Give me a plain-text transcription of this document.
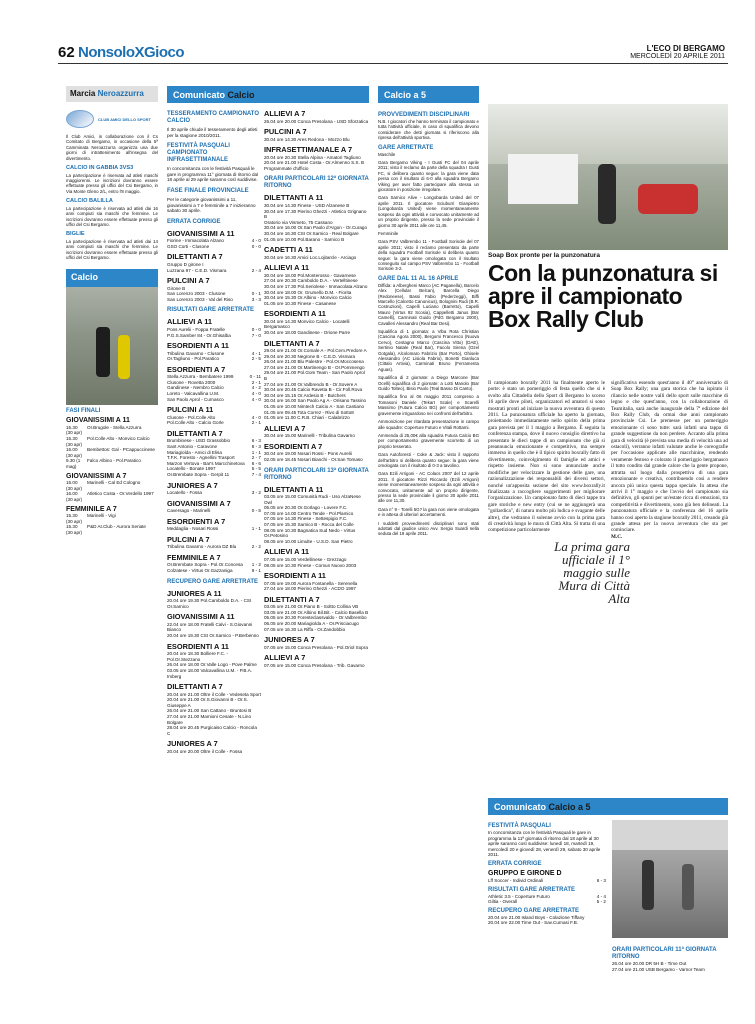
62 NonsoloXGioco	L'ECO DI BERGAMO
MERCOLEDÌ 20 APRILE 2011
Marcia
Neroazzurra
CLUB AMICI DELLO SPORT
Il Club Amici, in collaborazione con il Cs Comitato di Bergamo, in occasione della 5ª Camminata Neroazzurra organizza una due giorni di intrattenimento all'insegna del divertimento.
CALCIO IN GABBIA 3VS3
La partecipazione è riservata ad atleti maschi maggiorenni. Le iscrizioni dovranno essere effettuate presso gli uffici del Csi Bergamo, in Via Monte Gleno 2/L, entro l'8 maggio.
CALCIO BALILLA
La partecipazione è riservata ad atleti dai 16 anni compiuti sia maschi che femmine. Le iscrizioni dovranno essere effettuate presso gli uffici del Csi Bergamo.
BIGLIE
La partecipazione è riservata ad atleti dai 14 anni compiuti sia maschi che femmine. Le iscrizioni dovranno essere effettuate presso gli uffici del Csi Bergamo.
Calcio
FASI FINALI
GIOVANISSIMI A 11
15.30 (30 apr)
Or.Brugole - Stella Azzurra
15.30 (30 apr)
Pol.Colle Alto - Monvico Calcio
16.00 (30 apr)
Bembettos: Gal - PCappuccinese
9.30 (1 mag)
Falco Albino - Pol.Paratico
GIOVANISSIMI A 7
15.00 (30 apr)
Marinelli - Cal Ed Cologno
16.00 (30 apr)
Atletico Costa - Or.Verdello 1997
FEMMINILE A 7
15.30 (30 apr)
Marinelli - Vigi
15.30 (30 apr)
P&D At.Club - Aurora Seriate
Comunicato
Calcio
TESSERAMENTO CAMPIONATO CALCIO
Il 30 aprile chiude il tesseramento degli atleti per la stagione 2010/2011.
FESTIVITÀ PASQUALI CAMPIONATO INFRASETTIMANALE
In concomitanza con le festività Pasquali le gare in programma 11° giornata di ritorno dal 18 aprile al 29 aprile saranno così suddivise.
FASE FINALE PROVINCIALE
Per le categorie giovanissimi a 11, giovanissimi a 7 e femminile a 7 inizieranno sabato 30 aprile.
ERRATA CORRIGE
GIOVANISSIMI A 11
Fiorine - Immacolata Alzano	4 - 0
GSO Corti - Clusone	0 - 0
DILETTANTI A 7
Gruppo D girone I
Luzzana 97 - C.E.D. Vismara	2 - 4
PULCINI A 7
Girone B
San Lorenzo 2003 - Clusone	0 - 1
San Lorenzo 2003 - Val del Riso	3 - 3
RISULTATI GARE ARRETRATE
ALLIEVI A 11
Pons Aurelii - Foppa Fratelle	0 - 0
P.G.S.Samber 84 - Or.Ghisalba	7 - 0
ESORDIENTI A 11
Tribulina Gavarno - Clusone	4 - 1
Or.Tagliuno - Pol.Paratico	2 - 5
ESORDIENTI A 7
Stella Azzurra - Bembatere 1999	0 - 11
Clusone - Rovetta 2000	2 - 1
Gandinese - Nembro Calcio	4 - 2
Loreto - Valcavallina U.M.	4 - 0
San Paolo Aprol - Curnasco	4 - 0
PULCINI A 11
Clusone - Pol.Colle Alto	4 - 0
Pol.Colle Alto - Calcio Gorle	2 - 1
DILETTANTI A 7
Brumbinese - USD Grassobbio	6 - 3
Sant Antonio - Caravone	8 - 3
Mariagiolda - Amici di Elisa	1 - 1
T.F.K. Foresto - Agnellini Trasport	2 - 7
Marzon Vertova - Bar's Marcchinetova 6 - 6
Locatello - Bonate 1997	5 - 5
Or.Brembate Sopra - Gerpit 11	7 - 4
JUNIORES A 7
Locatello - Fossa	3 - 2
GIOVANISSIMI A 7
Caversago - Marinelli	0 - 5
ESORDIENTI A 7
Meddaglia - Nosari Rossi	1 - 1
PULCINI A 7
Tribulina Gavarno - Aurora DZ Blu	2 - 2
FEMMINILE A 7
Or.Brembate Sopra - Pol.Or.Concesa 1 - 2
Colzatese - Virtus Or.Gazzaniga	9 - 1
RECUPERO GARE ARRETRATE
JUNIORES A 11
20.04 ore 19.30 Pol.Camboldo D.A. - CSI Or.Sarnico
GIOVANISSIMI A 11
22.04 ore 18.00 Fratelli Calvi - S.Giovanni Bianco
20.04 ore 19.30 CSI Or.Sarnico - P.Berbenno
ESORDIENTI A 11
20.04 ore 18.30 Bolliere F.C. - Pol.Or.Stezzano
26.04 ore 18.00 Or.Valle Logo - Pove Palme
03.05 ore 18.00 Valcavallina U.M. - P.B.A. Imberg
DILETTANTI A 7
20.04 ore 21.00 Oltre il Colle - Vedeseta Sport
20.04 ore 21.00 Or.S.Giovanni B - Or.S. Giuseppe A
26.04 ore 21.00 San Cattano - Bruntosi B
27.04 ore 21.00 Mamioni Cesate - N.Lino Bolgare
28.04 ore 20.45 Purgicaiso Calcio - Roncola C
JUNIORES A 7
20.04 ore 20.00 Oltre il Colle - Fossa
ALLIEVI A 7
26.04 ore 20.00 Conca Presolana - USD Sforzatica
PULCINI A 7
30.04 ore 14.30 Ares Redona - Mozzo Blu
INFRASETTIMANALE A 7
20.04 ore 20.30 Stella Alpina - Amatori Tagliuno
20.04 ore 21.00 Hotel Costa - Or.Almenno S.S. B
Programmate d'ufficio
ORARI PARTICOLARI 12ª GIORNATA RITORNO
DILETTANTI A 11
30.04 ore 14.30 Finese - USD Alzanese B
30.04 ore 17.30 Pierino Ghezzi - Atletico Grignano B
Oratorio via Vismeto, 75 Cassano
30.04 ore 16.00 Or.San Paolo d'Argon - Or.Curago
30.04 ore 16.30 CSI Or.Sarnico - Real Bolgare
01.05 ore 10.00 Pol.Barano - Sarnico B
CADETTI A 11
30.04 ore 16.30 Amici Loc.Lojitarcle - Arciago
ALLIEVI A 11
30.04 ore 18.00 Pol.Monterosso - Gavarnese
27.04 ore 20.30 Camboldo D.A. - Vertelltinese
30.04 ore 17.30 Pol.Seriolese - Immacolata Alzano
30.04 ore 18.00 Or. Grumello D.M. - Fiorita
30.04 ore 15.30 Or.Albino - Monvico Calcio
01.05 ore 10.30 Finese - Casanese
ESORDIENTI A 11
30.04 ore 14.30 Monvico Calcio - Locatelli Bergamasco
30.04 ore 18.00 Gandinese - Orione Parre
DILETTANTI A 7
29.04 ore 21.00 Or.Comale A - Pol.Cem.Predore A
29.04 ore 20.30 Negrone B - C.E.D. Vismara
26.04 ore 21.00 Blu Palestre - Pol.Or.Moccosena
27.04 ore 21.00 Or.Martinengo B - Or.Pommengo
29.04 ore 21.00 Pol.Gom Team - San Paolo Aprol B
27.04 ore 21.00 Or.Valbrendo B - Or.Sovere A
30.04 ore 20.45 Calcio Ravetta B - Cir.Foll.Rova
30.04 ore 15.15 Or.Ardesio B - Butchers
30.04 ore 16.00 San Paolo Ag A - Orisano Tassino
01.05 ore 10.00 Nimtech Calcio A - San Cantiano
01.05 ore 09.45 Tota Correz - Rivo di Sotto8
01.05 ore 11.00 C.R.B. Chiari - Calabrizzo
ALLIEVI A 7
30.04 ore 15.00 Marinelli - Tribulina Gavarno
ESORDIENTI A 7
30.04 ore 19.00 Nosari Rossi - Pons Aurelii
02.05 ore 18.45 Nosari Bianchi - Or.San Tomaso
ORARI PARTICOLARI 13ª GIORNATA RITORNO
DILETTANTI A 11
03.05 ore 15.00 Comunità Rudi - Uso AlzaNese Owl
05.05 ore 20.30 Or.Gorlago - Lovere F.C.
07.05 ore 14.00 Centro Tende - Pol.Plamico
07.05 ore 14.30 Finese - Settespigio F.C.
07.05 ore 15.30 Sarnico B - Rocca del Colle
08.05 ore 10.30 Bagnatica Sud Nedo - Virtus Or.Petosino
08.05 ore 10.00 Limulte - U.S.D. San Pietro
ALLIEVI A 11
07.05 ore 15.00 Verdellinese - Grezzago
08.05 ore 10.30 Finese - Comun Nuovo 2003
ESORDIENTI A 11
07.05 ore 19.00 Aurora Fontanella - Serenella
27.04 ore 18.00 Pierino Ghezzi - ACDO 1997
DILETTANTI A 7
03.05 ore 21.00 Or.Piano B - Soltto Collina VB
03.05 ore 21.00 Or.Albino Bil.Bit. - Calcio Basella B
05.05 ore 20.30 Foresteclassvaldo - Or.Valbrembo
06.05 ore 20.00 Mariagiolda A - Or.Prisciacugo
07.05 ore 16.30 La Riffa - Or.Zandobbio
JUNIORES A 7
07.05 ore 15.00 Conca Presolana - Pol.Oriol Sopra
ALLIEVI A 7
07.05 ore 15.00 Conca Presolana - Trib. Gavarno
Calcio a 5
PROVVEDIMENTI DISCIPLINARI
N.B. I giocatori che hanno terminato il campionato e tutta l'attività ufficiale, in caso di squalifica devono considerare che detti giornata si riferiscono alla ripresa dell'attività sportiva.
GARE ARRETRATE
Maschile
Gara Bergamo Viking - I Gusti FC del 04 aprile 2011; visto il reclamo da parte della squadra I Gusti FC, si delibera quanto segue: la gara viene data persa con il risultato di 6-0 alla squadra Bergamo Viking per aver fatto partecipare alla stessa un giocatore in posizione irregolare.
Gara Sarnico Alive - Longobarda United del 07 aprile 2011. Il giocatore Sciuburri Gianpietro (Longobarda United) viene momentaneamente sospeso da ogni attività e convocato unitamente ad un proprio dirigente, presso la sede provinciale il giorno 30 aprile 2011 alle ore 11,45.
Femminile
Gara PSV Valbrembo 11 - Football Sorisole del 07 aprile 2011; visto il reclamo presentato da parte della squadra Football Sorisole si delibera quanto segue: la gara viene omologata con il risultato conseguito sul campo PSV Valbrembo 11 - Football Sorisole 3-2.
GARE DAL 11 AL 16 APRILE
Diffida: a Albergheni Marco (AC Paganella), Barcelo Alex (Cellular Belcan), Barcella Diego (Redoneese), Bassi Fabio (Pederzeggi), Biffi Marcello (Calcetto Canonicus), Bolognini Rudi (B.R. Costruzioni), Capelli Luciano (Barretto), Capelli Mauro (Virtus 92 Scosia), Cappelletti Janus (Bar Camelli), Carminati Guido (PdG Bergamo 2000), Cavalleri Alessandro (Real Bar Desi).
Squalifica di 1 giornata: a Viba Rota Christian (Cascina Agora 2000), Bergomi Francesco (Nuova Cervo), Cestagno Marco (Cascina Vitto) (DAE), Sertinio Natale (Real Bar), Facolo Sirena (Ozel Gotgala), Alcolomaro Fabrizio (Bar Porto), Ghisele Alessandro (AC Lisiola Fabrio), Bonetti Gianluca (Cittalo Artivia), Carminati Bruno (Ferramenta Aguas).
Squalifica di 2 giornate: a Diego Marcone (Bar Ocelli) squalifica di 2 giornate: a Lotti Manolo (Bar Guido Tolteo), Bisio Paolo (Teal Basso Di Canto).
Squalifica fino al 06 maggio 2011 compreso a Tomasoni Daniele (Tekart Scale) e Scarelli Massimo (Futura Calcio BG) per comportamento gravemente irriguardoso nei confronti dell'arbitro.
Ammonizione per ritardata presentazione in campo alle squadre: Coperture Futuro e Vitali Rottami.
Ammenda di 25,00€ alla squadra Futura Calcio BG per comportamento gravemente scorretto di un proprio tesserato.
Gara Autoforesti - Coke & Jack: visto il rapporto dell'arbitro si delibera quanto segue: la gara viene omologata con il risultato di 0-3 a tavolino.
Gara Ezili Arrigoni - AC Colacs 2007 del 12 aprile 2011. Il giocatore Rizzi Riccardo (Ezili Arrigoni) viene momentaneamente sospeso da ogni attività e convocato, unitamente ad un proprio dirigente, presso la sede provinciale il giorno 30 aprile 2011 alle ore 11,30.
Gara n° 9 - Torelli 5G? la gara non viene omologata e in attesa di ulteriori accertamenti.
I suddetti provvedimenti disciplinari sono stati adottati dal giudice unico Avv. Sergio Suardi nella seduta del 19 aprile 2011.
Soap Box pronte per la punzonatura
Con la punzonatura si apre il campionato Box Rally Club
Il campionato boxrally 2011 ha finalmente aperto le porte: è stato un pomeriggio di festa quello che si è svolto alla Cittadella dello Sport di Bergamo lo scorso 16 aprile dove piloti, organizzatori ed amatori si sono mostrati pronti ad iniziare la nuova avventura di questo 2011. La punzonatura ufficiale ha aperto la giornata, proiettando immediatamente nello spirito della prima gara prevista per il 1 maggio a Bergamo. È seguita la conferenza stampa, dove il nuovo consiglio direttivo ha presentato le dieci tappe di un campionato che già si preannuncia emozionante e competitivo, ma sempre immerso in quello che è il tipico spirito boxrally fatto di divertimento, coinvolgimento di famiglie ed amici e rispetto insieme. Non si sono annunciate anche modifiche per velocizzare la gestione delle gare, una razionalizzazione dei responsabili dei diversi settori, nonché un'apposita sezione del sito www.boxrally.it finalizzata a raccogliere suggerimenti per migliorare l'organizzazione. Un campionato fatto di dieci tappe tra gare storiche e new entry (cui se ne aggiungerà una "gollardica", di natura molto più ludica e svagante delle altre), che vedranno il solenne avvio con la prima gara di creatività lungo le mura di Città Alta. Si tratta di una competizione particolarmente
significativa essendo quest'anno il 40° anniversario di Soap Box Rally; una gara storica che ha ispirato il rilancio nelle nostre valli dello sport sulle macchine di legno e che quest'anno, con la collaborazione di Teamitalia, sarà anche inaugurale della 7ª edizione del Box Rally Club, da ormai due anni campionato provinciale Csi. Le premesse per un pomeriggio emozionante ci sono tutte: sarà infatti una tappa di grande suggestione da non perdere. Accanto alla prima gara di velocità (è prevista una media di velocità una ad ostacoli), verranno infatti valutate anche le coreografie per l'occasione applicate alle macchinine, rendendo veramente festoso e colorato il pomeriggio bergamasco il tutto condito dal grande calore che la gente propone, attratta sul luogo dalla prospettiva di una gara emozionante e creativa, contribuendo così a rendere ancora più unica questa tappa speciale. In attesa che arrivi il 1° maggio e che l'avvio del campionato sia definitivo, gli spunti per un'estate ricca di emozioni, tra competitività e divertimento, sono già ben delineati. La punzonatura ufficiale e la conferenza del 16 aprile hanno così aperto la stagione boxrally 2011, creando già grande attesa per la nuova avventura che sta per cominciare.
M.C.
La prima gara ufficiale il 1° maggio sulle Mura di Città Alta
Comunicato
Calcio a 5
FESTIVITÀ PASQUALI
In concomitanza con le festività Pasquali le gare in programma la 11ª giornata di ritorno dal 18 aprile al 30 aprile saranno così suddivise: lunedì 18, martedì 19, mercoledì 20 e giovedì 28, venerdì 29, sabato 30 aprile 2011.
ERRATA CORRIGE
GRUPPO E GIRONE D
Lff Soccer - Individ Ordinali	6 - 3
RISULTATI GARE ARRETRATE
Athletic 3.5 - Coperture Futuro	4 - 4
Giltia - Overall	5 - 2
RECUPERO GARE ARRETRATE
20.04 ore 21.00 Island Boys - Colazione Tiffany
20.04 ore 22.00 Time Out - Sav.Curnasi F.B.
ORARI PARTICOLARI 11ª GIORNATA RITORNO
26.04 ore 20.00 DR 5H B - Time Out
27.04 ore 21.00 USB Bergamo - Varnor Team
